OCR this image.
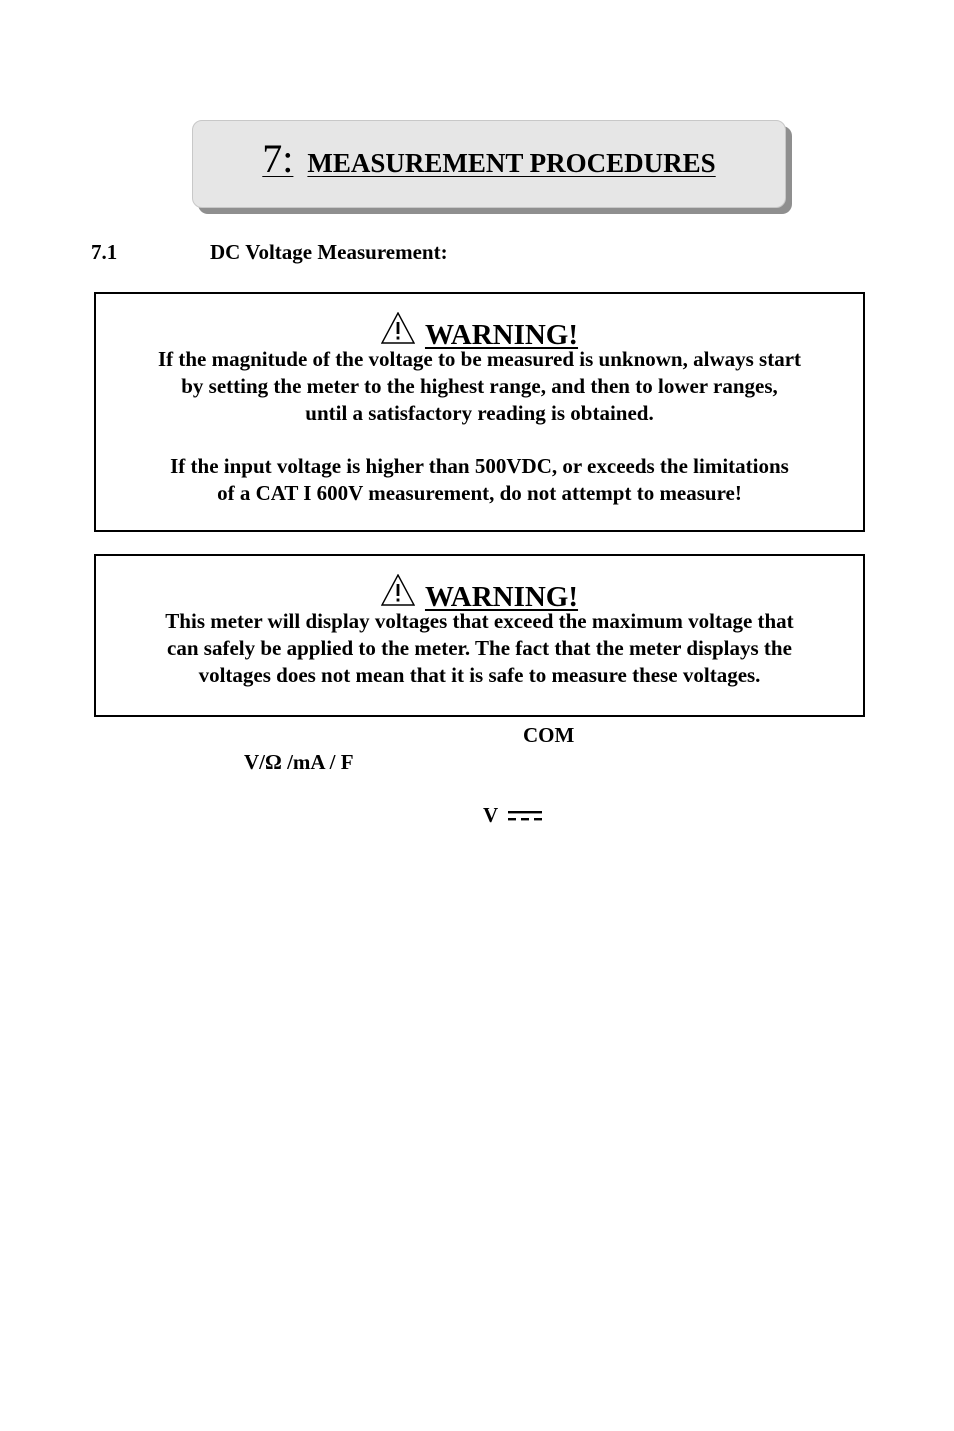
7: MEASUREMENT PROCEDURES
7.1	DC Voltage Measurement:
WARNING!
If the magnitude of the voltage to be measured is unknown, always start
by setting the meter to the highest range, and then to lower ranges,
until a satisfactory reading is obtained.
If the input voltage is higher than 500VDC, or exceeds the limitations
of a CAT I 600V measurement, do not attempt to measure!
WARNING!
This meter will display voltages that exceed the maximum voltage that
can safely be applied to the meter. The fact that the meter displays the
voltages does not mean that it is safe to measure these voltages.
COM
V/Ω /mA / F
V
